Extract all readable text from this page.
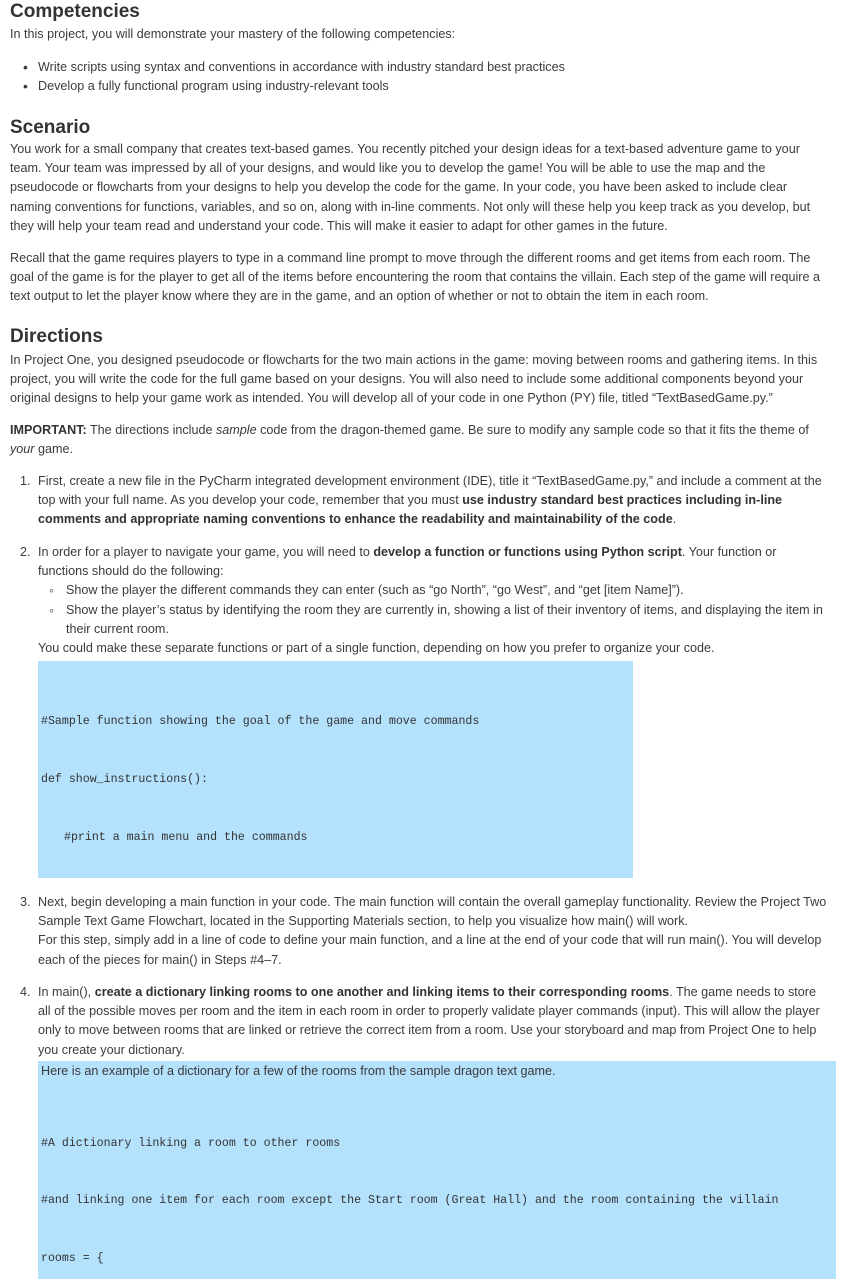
Competencies

In this project, you will demonstrate your mastery of the following competencies:

• Write scripts using syntax and conventions in accordance with industry standard best practices
• Develop a fully functional program using industry-relevant tools
Scenario

You work for a small company that creates text-based games. You recently pitched your design ideas for a text-based adventure game to your team. Your team was impressed by all of your designs, and would like you to develop the game! You will be able to use the map and the pseudocode or flowcharts from your designs to help you develop the code for the game. In your code, you have been asked to include clear naming conventions for functions, variables, and so on, along with in-line comments. Not only will these help you keep track as you develop, but they will help your team read and understand your code. This will make it easier to adapt for other games in the future.

Recall that the game requires players to type in a command line prompt to move through the different rooms and get items from each room. The goal of the game is for the player to get all of the items before encountering the room that contains the villain. Each step of the game will require a text output to let the player know where they are in the game, and an option of whether or not to obtain the item in each room.

Directions

In Project One, you designed pseudocode or flowcharts for the two main actions in the game: moving between rooms and gathering items. In this project, you will write the code for the full game based on your designs. You will also need to include some additional components beyond your original designs to help your game work as intended. You will develop all of your code in one Python (PY) file, titled “TextBasedGame.py.”

IMPORTANT: The directions include sample code from the dragon-themed game. Be sure to modify any sample code so that it fits the theme of your game.

1. First, create a new file in the PyCharm integrated development environment (IDE), title it “TextBasedGame.py,” and include a comment at the top with your full name. As you develop your code, remember that you must use industry standard best practices including in-line comments and appropriate naming conventions to enhance the readability and maintainability of the code.
2. In order for a player to navigate your game, you will need to develop a function or functions using Python script. Your function or functions should do the following:
◦ Show the player the different commands they can enter (such as “go North”, “go West”, and “get [item Name]”).
◦ Show the player’s status by identifying the room they are currently in, showing a list of their inventory of items, and displaying the item in their current room.
You could make these separate functions or part of a single function, depending on how you prefer to organize your code.

#Sample function showing the goal of the game and move commands

def show_instructions():

#print a main menu and the commands

3. Next, begin developing a main function in your code. The main function will contain the overall gameplay functionality. Review the Project Two Sample Text Game Flowchart, located in the Supporting Materials section, to help you visualize how main() will work.
For this step, simply add in a line of code to define your main function, and a line at the end of your code that will run main(). You will develop each of the pieces for main() in Steps #4–7.
4. In main(), create a dictionary linking rooms to one another and linking items to their corresponding rooms. The game needs to store all of the possible moves per room and the item in each room in order to properly validate player commands (input). This will allow the player only to move between rooms that are linked or retrieve the correct item from a room. Use your storyboard and map from Project One to help you create your dictionary.
Here is an example of a dictionary for a few of the rooms from the sample dragon text game.

#A dictionary linking a room to other rooms

#and linking one item for each room except the Start room (Great Hall) and the room containing the villain

rooms = {
